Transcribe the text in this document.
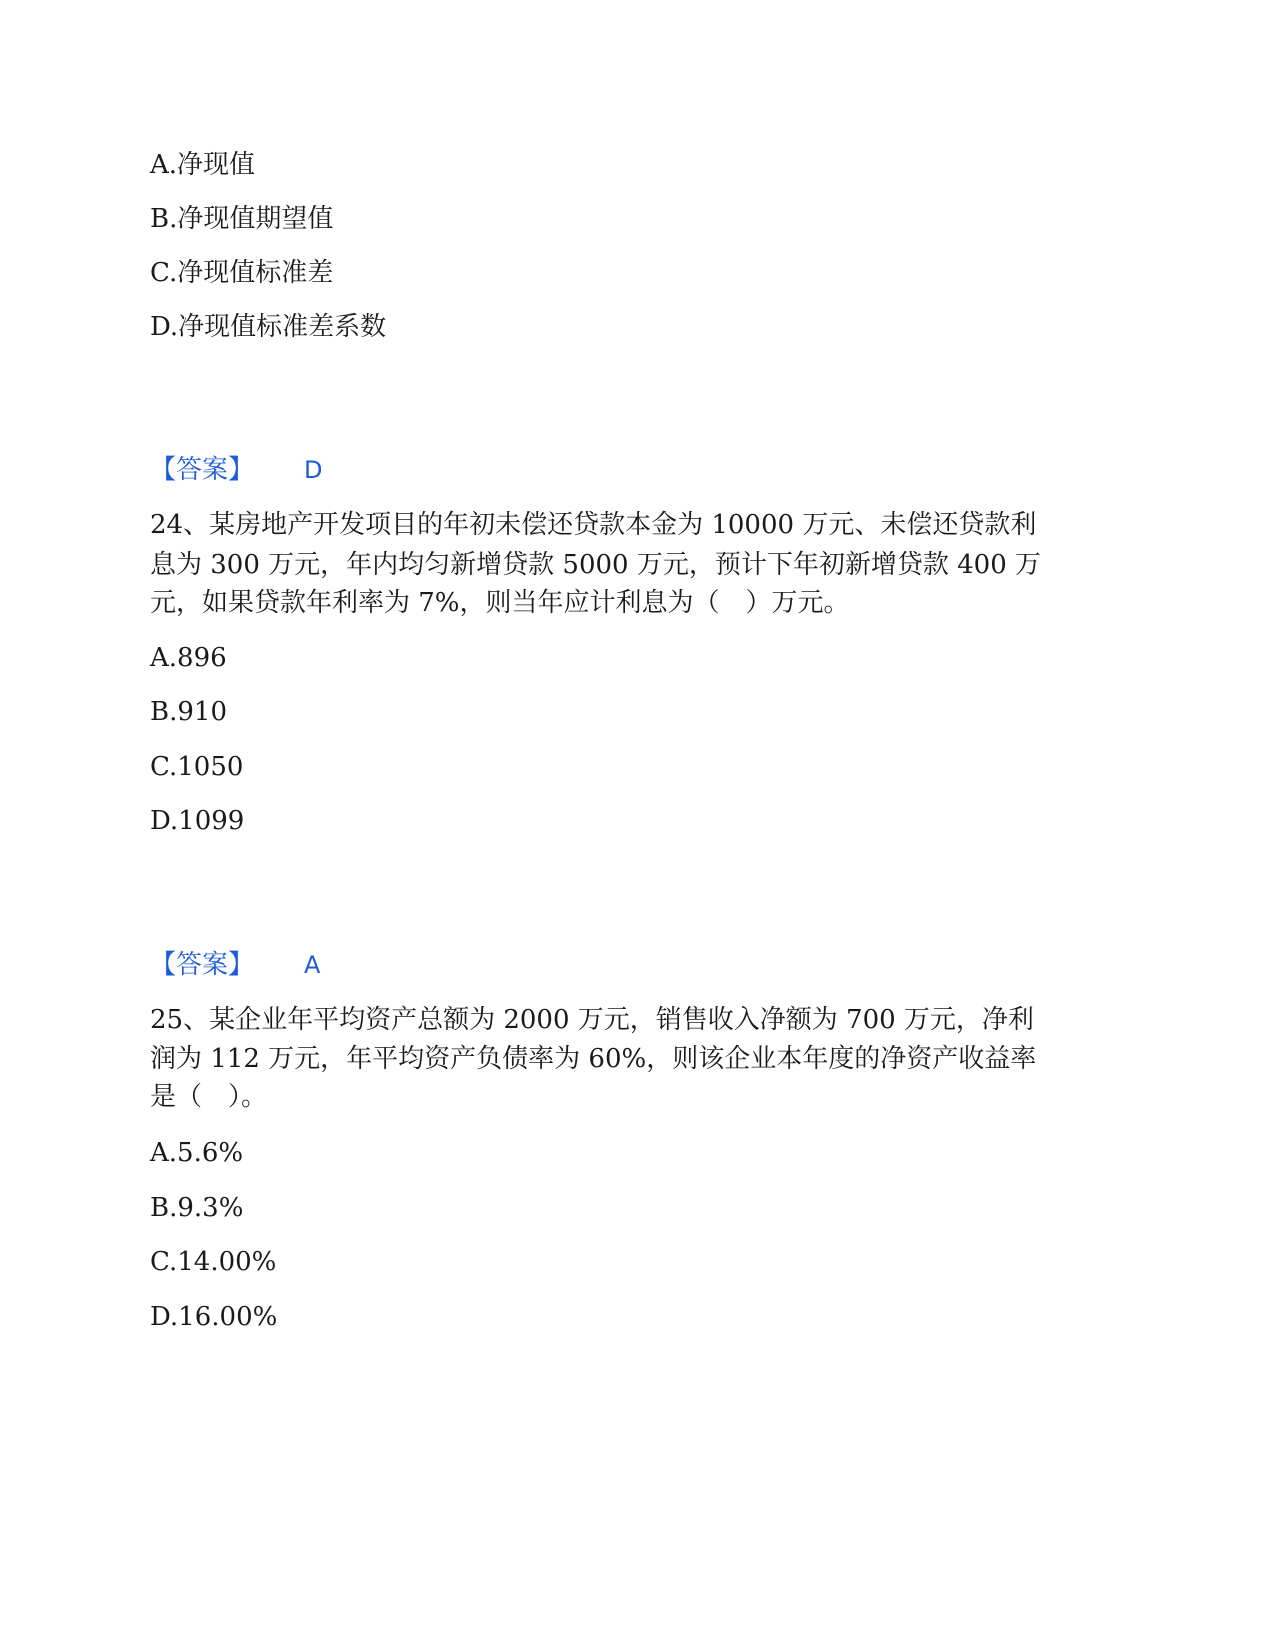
A.净现值
B.净现值期望值
C.净现值标准差
D.净现值标准差系数
【答案】 D
24、某房地产开发项目的年初未偿还贷款本金为 10000 万元、未偿还贷款利
息为 300 万元，年内均匀新增贷款 5000 万元，预计下年初新增贷款 400 万
元，如果贷款年利率为 7%，则当年应计利息为（　）万元。
A.896
B.910
C.1050
D.1099
【答案】 A
25、某企业年平均资产总额为 2000 万元，销售收入净额为 700 万元，净利
润为 112 万元，年平均资产负债率为 60%，则该企业本年度的净资产收益率
是（　）。
A.5.6%
B.9.3%
C.14.00%
D.16.00%
